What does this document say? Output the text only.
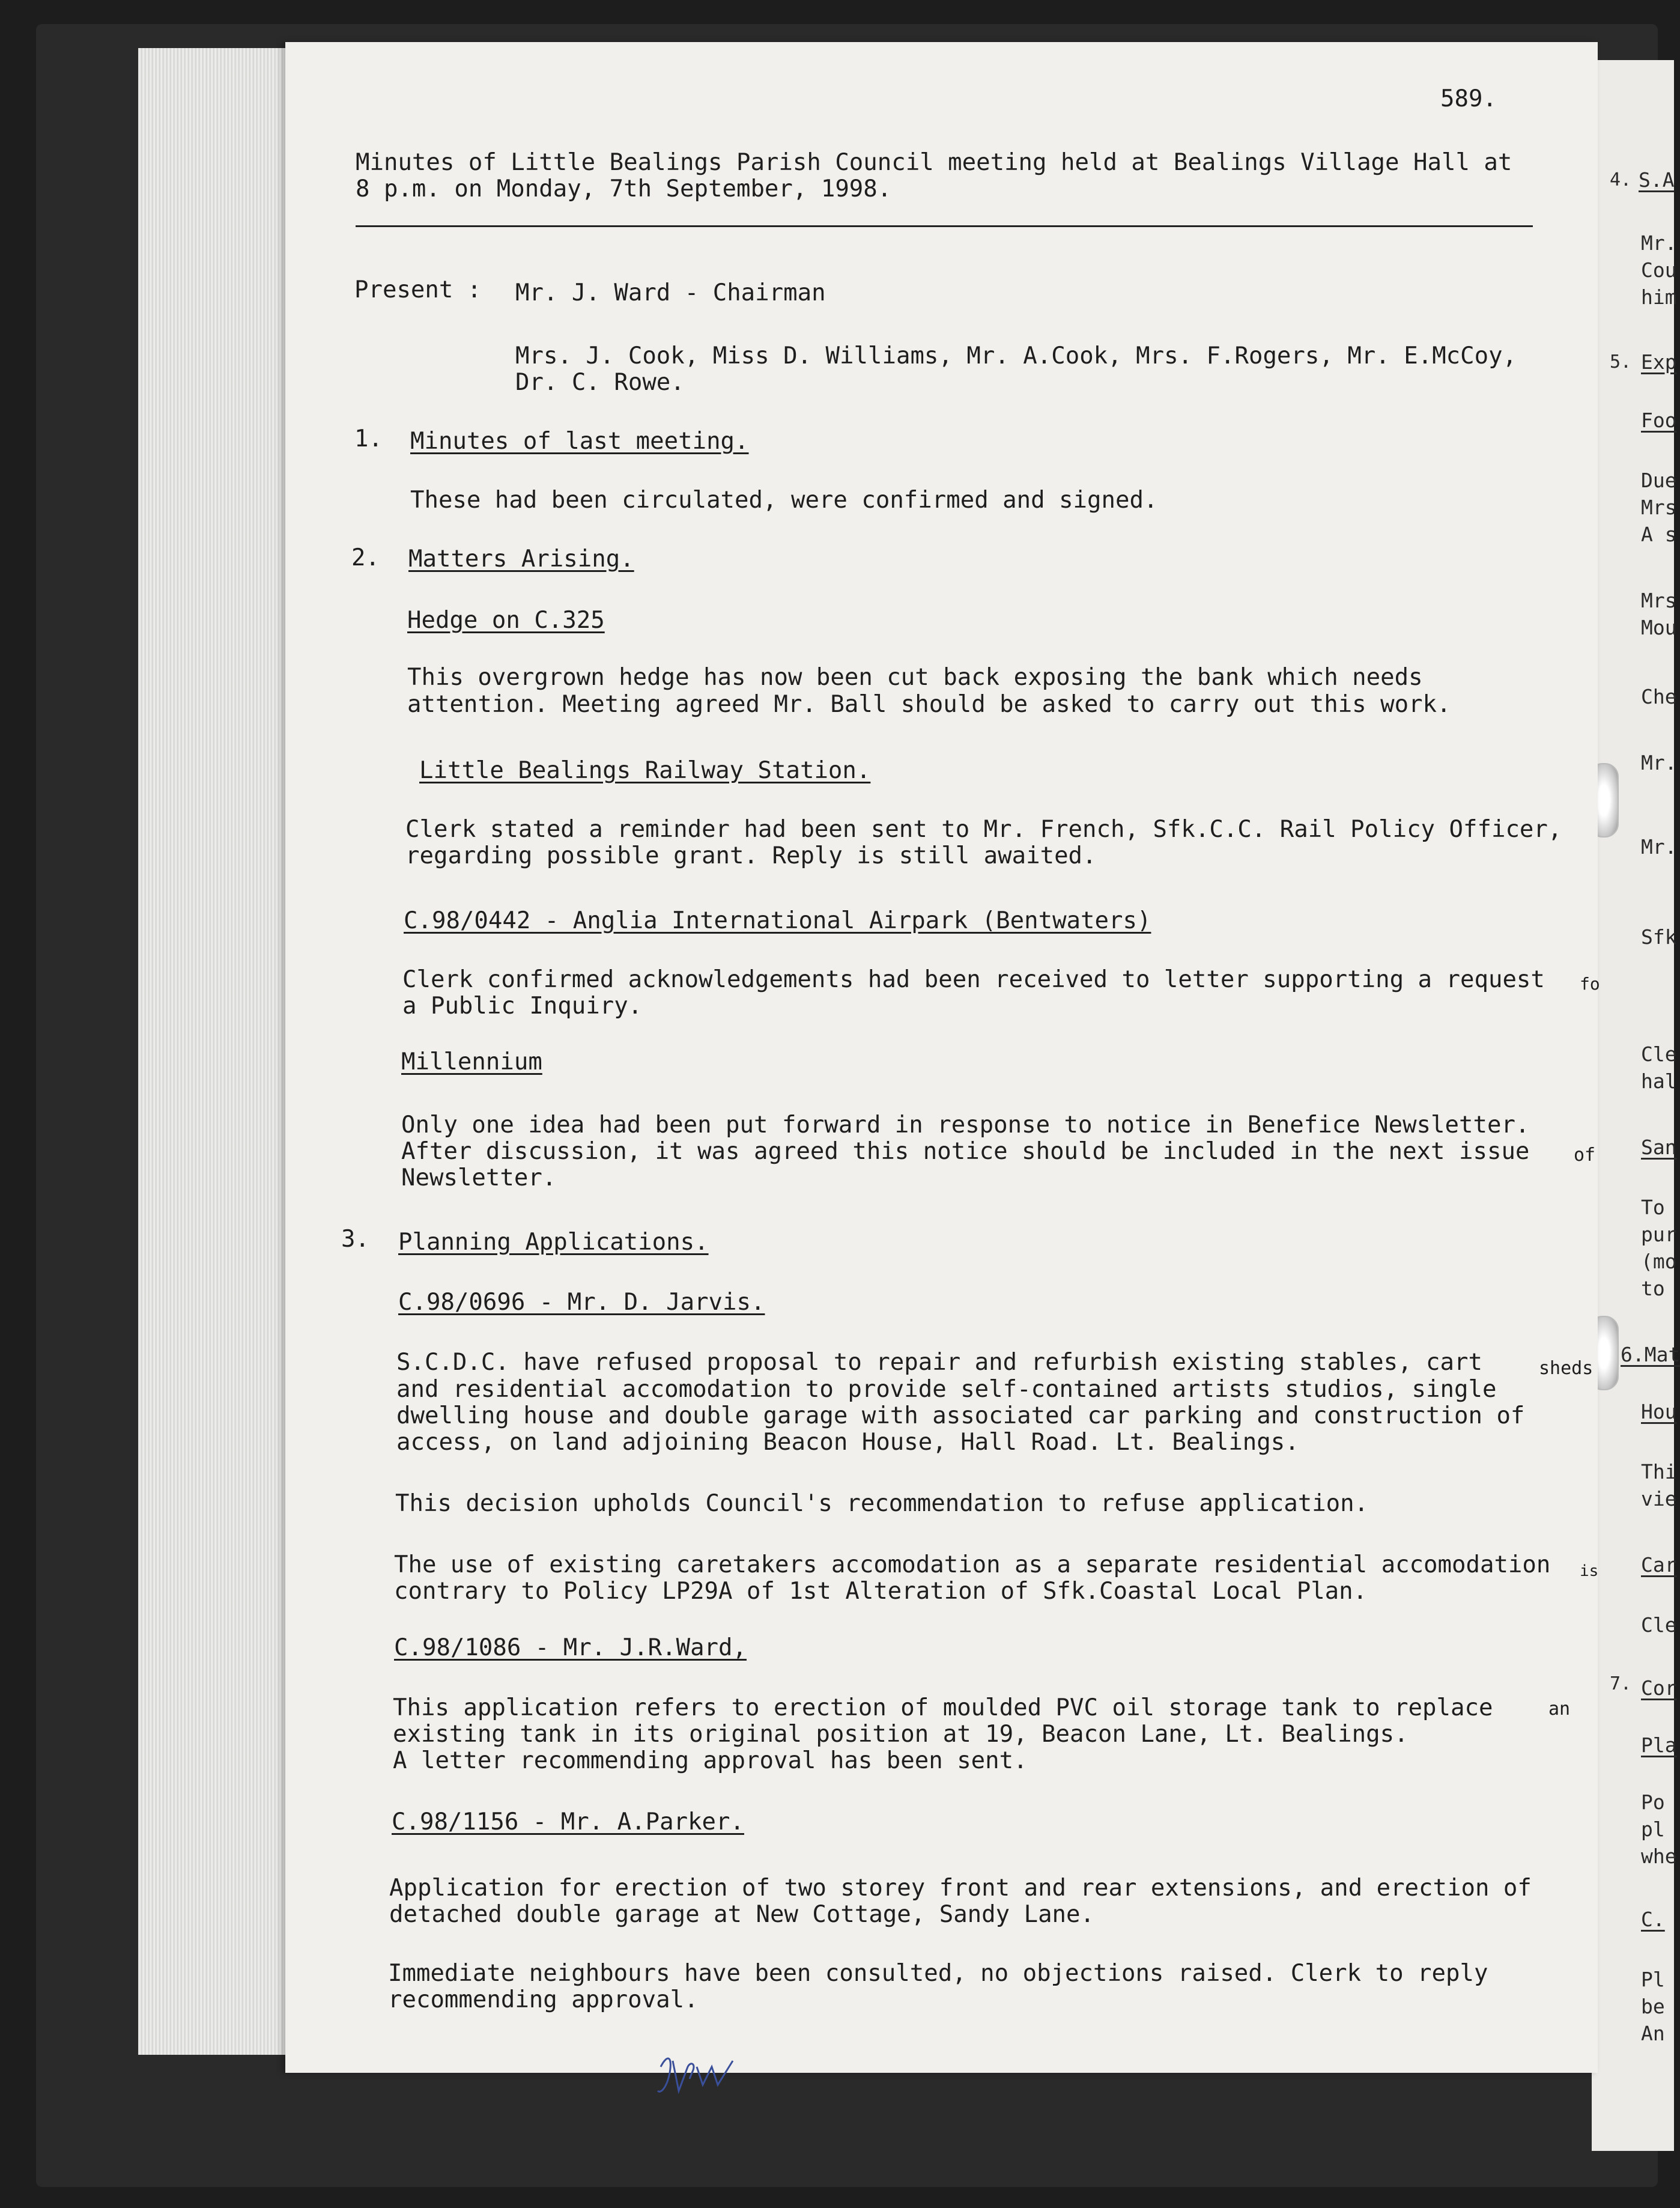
4. S.A
Mr.
Cou
him
5. Exp
Foo
Due
Mrs
A s
Mrs
Mou
Che
Mr.
Mr.
Sfk
Cle
hal
San
To
pur
(mo
to
6.Mat
Hou
Thi
vie
Car
Cle
7. Cor
Pla
Po
pl
whe
C.
Pl
be
An
589.
Minutes of Little Bealings Parish Council meeting held at Bealings Village Hall at
8 p.m. on Monday, 7th September, 1998.
Present : Mr. J. Ward - Chairman
Mrs. J. Cook, Miss D. Williams, Mr. A.Cook, Mrs. F.Rogers, Mr. E.McCoy,
Dr. C. Rowe.
1. Minutes of last meeting.
These had been circulated, were confirmed and signed.
2. Matters Arising.
Hedge on C.325
This overgrown hedge has now been cut back exposing the bank which needs
attention. Meeting agreed Mr. Ball should be asked to carry out this work.
Little Bealings Railway Station.
Clerk stated a reminder had been sent to Mr. French, Sfk.C.C. Rail Policy Officer,
regarding possible grant. Reply is still awaited.
C.98/0442 - Anglia International Airpark (Bentwaters)
Clerk confirmed acknowledgements had been received to letter supporting a request fo
a Public Inquiry.
Millennium
Only one idea had been put forward in response to notice in Benefice Newsletter.
After discussion, it was agreed this notice should be included in the next issue of
Newsletter.
3. Planning Applications.
C.98/0696 - Mr. D. Jarvis.
S.C.D.C. have refused proposal to repair and refurbish existing stables, cart	sheds
and residential accomodation to provide self-contained artists studios, single
dwelling house and double garage with associated car parking and construction of
access, on land adjoining Beacon House, Hall Road. Lt. Bealings.
This decision upholds Council's recommendation to refuse application.
The use of existing caretakers accomodation as a separate residential accomodation is
contrary to Policy LP29A of 1st Alteration of Sfk.Coastal Local Plan.
C.98/1086 - Mr. J.R.Ward,
This application refers to erection of moulded PVC oil storage tank to replace	an
existing tank in its original position at 19, Beacon Lane, Lt. Bealings.
A letter recommending approval has been sent.
C.98/1156 - Mr. A.Parker.
Application for erection of two storey front and rear extensions, and erection of
detached double garage at New Cottage, Sandy Lane.
Immediate neighbours have been consulted, no objections raised. Clerk to reply
recommending approval.
